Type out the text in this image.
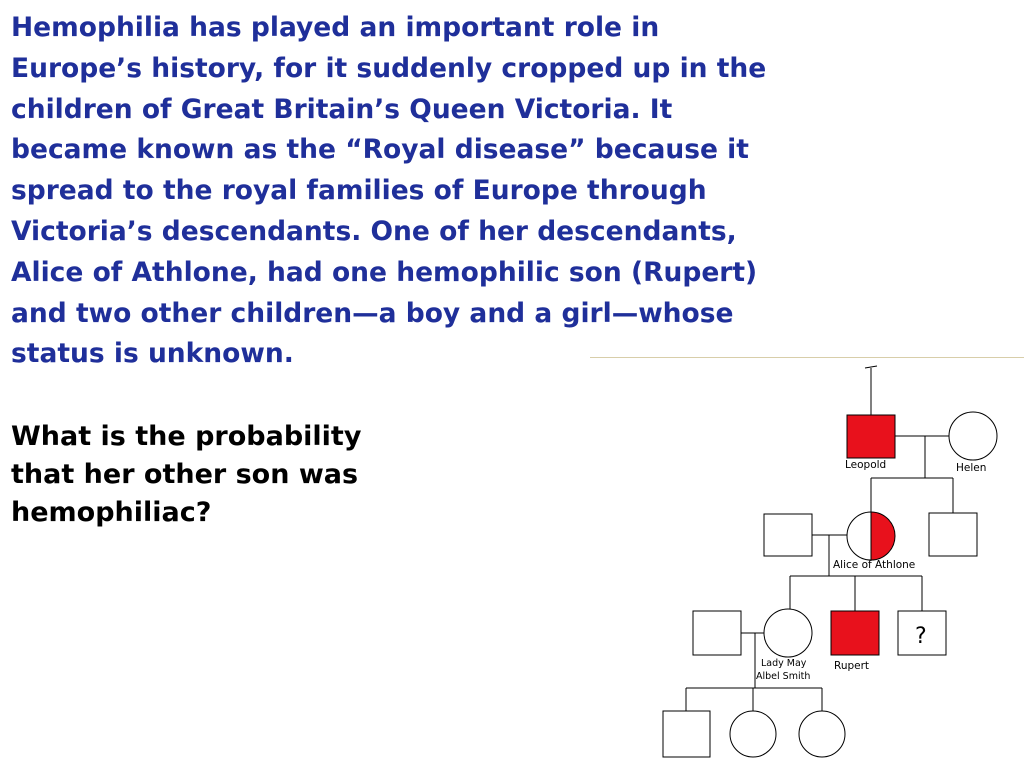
Hemophilia has played an important role in
Europe’s history, for it suddenly cropped up in the
children of Great Britain’s Queen Victoria. It
became known as the “Royal disease” because it
spread to the royal families of Europe through
Victoria’s descendants. One of her descendants,
Alice of Athlone, had one hemophilic son (Rupert)
and two other children—a boy and a girl—whose
status is unknown.

What is the probability
that her other son was
hemophiliac?

Leopold	Helen
Alice of Athlone
?
Lady May
Albel Smith
Rupert
